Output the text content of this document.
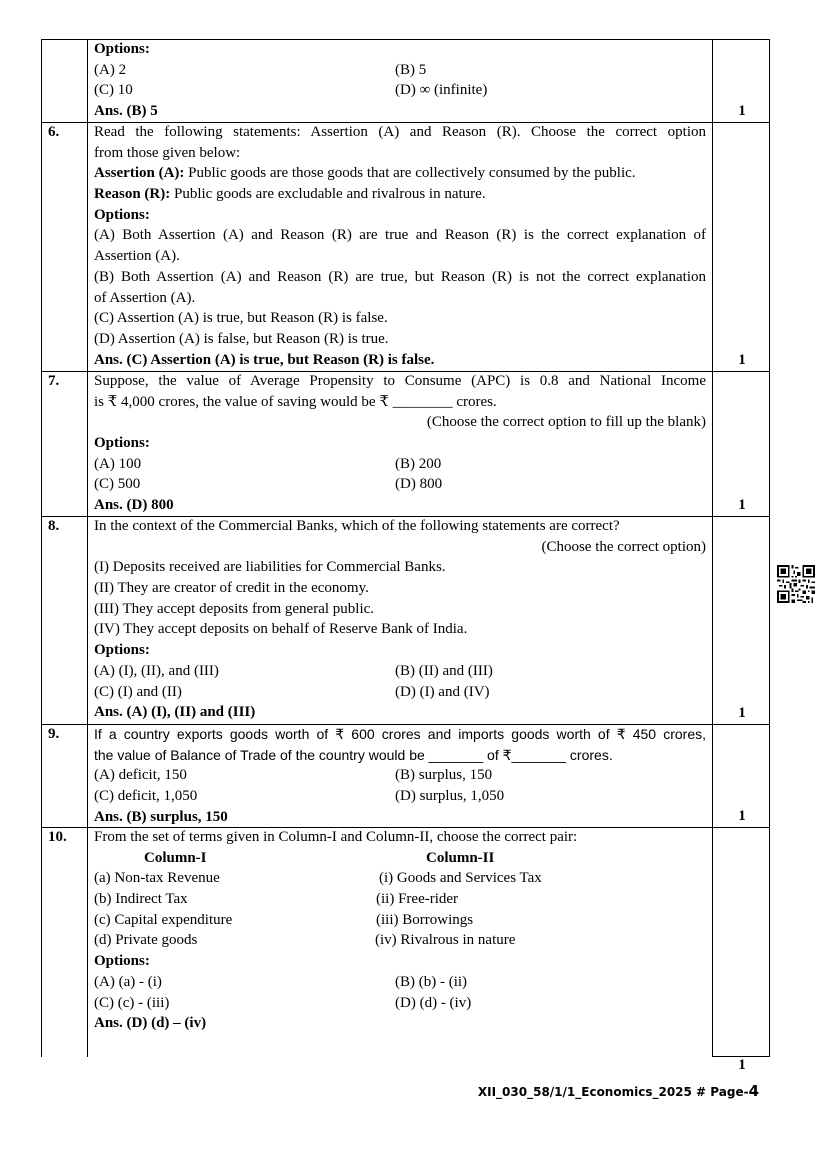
Options:
(A) 2	(B) 5
(C) 10	(D) ∞ (infinite)
Ans. (B) 5	1
6. Read the following statements: Assertion (A) and Reason (R). Choose the correct option
from those given below:
Assertion (A): Public goods are those goods that are collectively consumed by the public.
Reason (R): Public goods are excludable and rivalrous in nature.
Options:
(A) Both Assertion (A) and Reason (R) are true and Reason (R) is the correct explanation of
Assertion (A).
(B) Both Assertion (A) and Reason (R) are true, but Reason (R) is not the correct explanation
of Assertion (A).
(C) Assertion (A) is true, but Reason (R) is false.
(D) Assertion (A) is false, but Reason (R) is true.
Ans. (C) Assertion (A) is true, but Reason (R) is false.	1
7. Suppose, the value of Average Propensity to Consume (APC) is 0.8 and National Income
is ₹ 4,000 crores, the value of saving would be ₹ ________ crores.
(Choose the correct option to fill up the blank)
Options:
(A) 100	(B) 200
(C) 500	(D) 800
Ans. (D) 800	1
8. In the context of the Commercial Banks, which of the following statements are correct?
(Choose the correct option)
(I) Deposits received are liabilities for Commercial Banks.
(II) They are creator of credit in the economy.
(III) They accept deposits from general public.
(IV) They accept deposits on behalf of Reserve Bank of India.
Options:
(A) (I), (II), and (III)	(B) (II) and (III)
(C) (I) and (II)	(D) (I) and (IV)
Ans. (A) (I), (II) and (III)	1
9. If a country exports goods worth of ₹ 600 crores and imports goods worth of ₹ 450 crores,
the value of Balance of Trade of the country would be _______ of ₹_______ crores.
(A) deficit, 150	(B) surplus, 150
(C) deficit, 1,050	(D) surplus, 1,050
Ans. (B) surplus, 150	1
10. From the set of terms given in Column-I and Column-II, choose the correct pair:
Column-I	Column-II
(a) Non-tax Revenue	(i) Goods and Services Tax
(b) Indirect Tax	(ii) Free-rider
(c) Capital expenditure	(iii) Borrowings
(d) Private goods	(iv) Rivalrous in nature
Options:
(A) (a) - (i)	(B) (b) - (ii)
(C) (c) - (iii)	(D) (d) - (iv)
Ans. (D) (d) – (iv)
1
XII_030_58/1/1_Economics_2025 # Page-4
